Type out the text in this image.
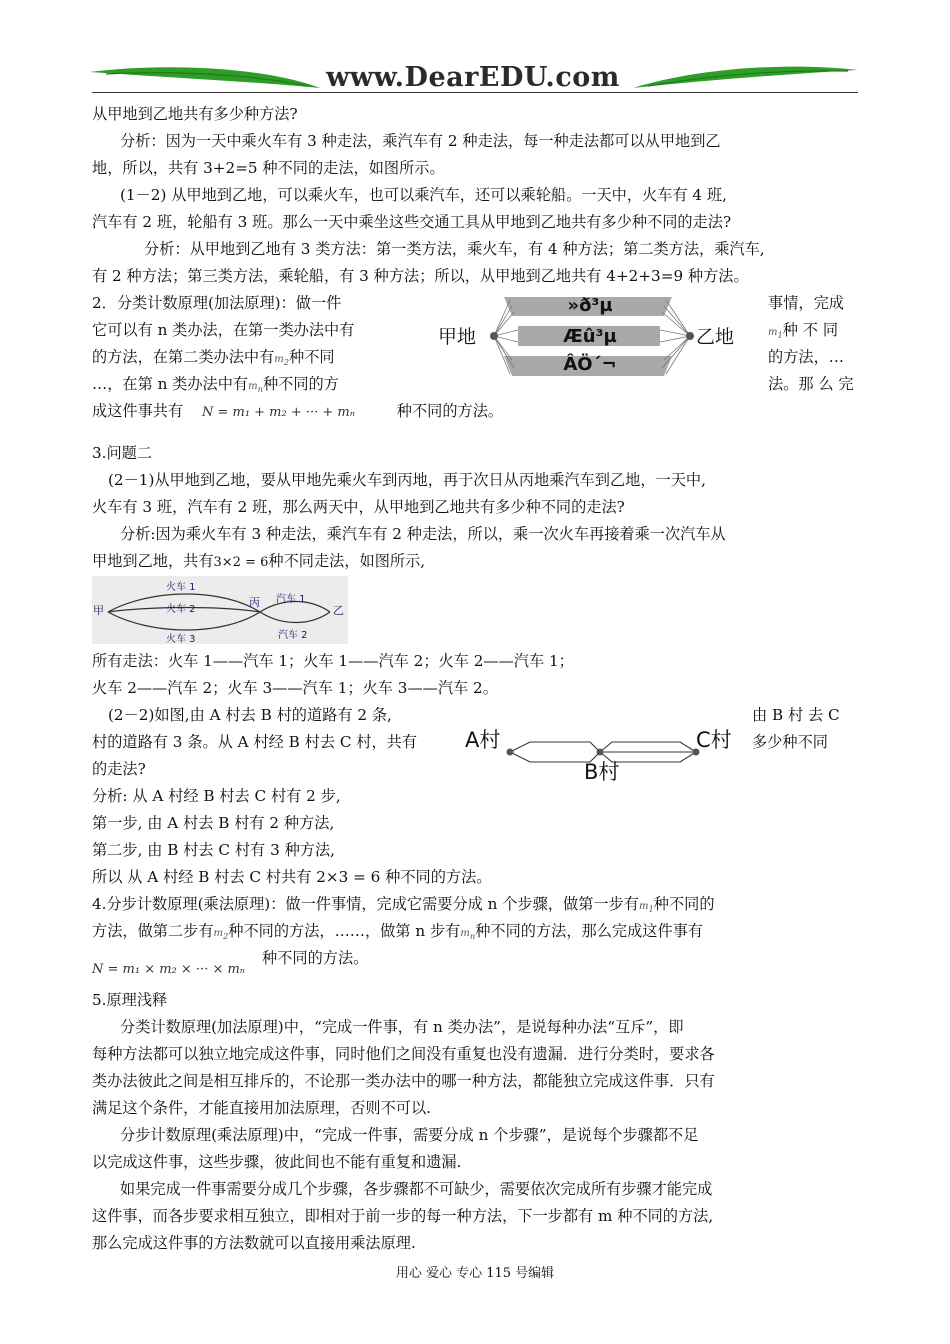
www.DearEDU.com
从甲地到乙地共有多少种方法?
分析：因为一天中乘火车有 3 种走法，乘汽车有 2 种走法，每一种走法都可以从甲地到乙
地，所以，共有 3+2=5 种不同的走法，如图所示。
(1－2) 从甲地到乙地，可以乘火车，也可以乘汽车，还可以乘轮船。一天中，火车有 4 班,
汽车有 2 班，轮船有 3 班。那么一天中乘坐这些交通工具从甲地到乙地共有多少种不同的走法?
分析：从甲地到乙地有 3 类方法：第一类方法，乘火车，有 4 种方法；第二类方法，乘汽车,
有 2 种方法；第三类方法，乘轮船，有 3 种方法；所以，从甲地到乙地共有 4+2+3=9 种方法。
2．分类计数原理(加法原理)：做一件
它可以有 n 类办法，在第一类办法中有
的方法，在第二类办法中有$m_2$种不同
…，在第 n 类办法中有$m_n$种不同的方
成这件事共有 N = m₁ + m₂ + ··· + mₙ	种不同的方法。
事情，完成
$m_1$种 不 同
的方法，…
法。那 么 完
甲地	乙地
»ð³µ
Æû³µ
ÂÖ´¬
3.问题二
(2－1)从甲地到乙地，要从甲地先乘火车到丙地，再于次日从丙地乘汽车到乙地，一天中,
火车有 3 班，汽车有 2 班，那么两天中，从甲地到乙地共有多少种不同的走法?
分析:因为乘火车有 3 种走法，乘汽车有 2 种走法，所以，乘一次火车再接着乘一次汽车从
甲地到乙地，共有3×2 = 6种不同走法，如图所示,
甲
丙
乙
火车 1
火车 2
火车 3
汽车 1
汽车 2
所有走法：火车 1——汽车 1；火车 1——汽车 2；火车 2——汽车 1；
火车 2——汽车 2；火车 3——汽车 1；火车 3——汽车 2。
(2－2)如图,由 A 村去 B 村的道路有 2 条,	由 B 村 去 C
村的道路有 3 条。从 A 村经 B 村去 C 村，共有	多少种不同
的走法?
A村
B村
C村
分析: 从 A 村经 B 村去 C 村有 2 步,
第一步, 由 A 村去 B 村有 2 种方法,
第二步, 由 B 村去 C 村有 3 种方法,
所以 从 A 村经 B 村去 C 村共有 2×3 = 6 种不同的方法。
4.分步计数原理(乘法原理)：做一件事情，完成它需要分成 n 个步骤，做第一步有$m_1$种不同的
方法，做第二步有$m_2$种不同的方法，……，做第 n 步有$m_n$种不同的方法，那么完成这件事有
N = m₁ × m₂ × ··· × mₙ种不同的方法。
5.原理浅释
分类计数原理(加法原理)中，“完成一件事，有 n 类办法”，是说每种办法“互斥”，即
每种方法都可以独立地完成这件事，同时他们之间没有重复也没有遗漏．进行分类时，要求各
类办法彼此之间是相互排斥的，不论那一类办法中的哪一种方法，都能独立完成这件事．只有
满足这个条件，才能直接用加法原理，否则不可以.
分步计数原理(乘法原理)中，“完成一件事，需要分成 n 个步骤”，是说每个步骤都不足
以完成这件事，这些步骤，彼此间也不能有重复和遗漏.
如果完成一件事需要分成几个步骤，各步骤都不可缺少，需要依次完成所有步骤才能完成
这件事，而各步要求相互独立，即相对于前一步的每一种方法，下一步都有 m 种不同的方法,
那么完成这件事的方法数就可以直接用乘法原理.
用心 爱心 专心 115 号编辑
